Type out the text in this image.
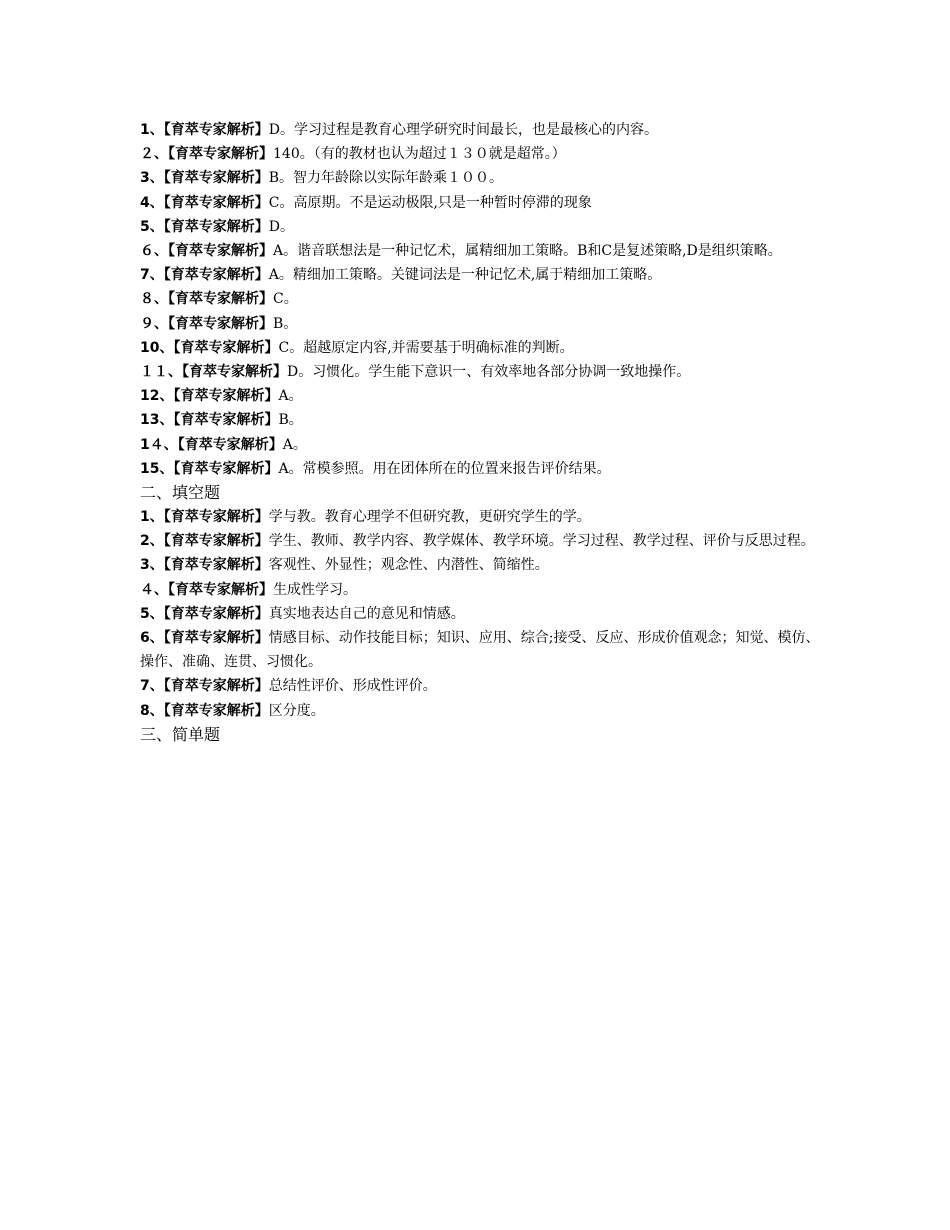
1、【育萃专家解析】D。学习过程是教育心理学研究时间最长，也是最核心的内容。
２、【育萃专家解析】140。（有的教材也认为超过１３０就是超常。）
3、【育萃专家解析】B。智力年龄除以实际年龄乘１００。
4、【育萃专家解析】C。高原期。不是运动极限,只是一种暂时停滞的现象
5、【育萃专家解析】D。
６、【育萃专家解析】A。谐音联想法是一种记忆术，属精细加工策略。B和C是复述策略,D是组织策略。
7、【育萃专家解析】A。精细加工策略。关键词法是一种记忆术,属于精细加工策略。
８、【育萃专家解析】C。
９、【育萃专家解析】B。
10、【育萃专家解析】C。超越原定内容,并需要基于明确标准的判断。
１１、【育萃专家解析】D。习惯化。学生能下意识一、有效率地各部分协调一致地操作。
12、【育萃专家解析】A。
13、【育萃专家解析】B。
1４、【育萃专家解析】A。
15、【育萃专家解析】A。常模参照。用在团体所在的位置来报告评价结果。
二、填空题
1、【育萃专家解析】学与教。教育心理学不但研究教，更研究学生的学。
2、【育萃专家解析】学生、教师、教学内容、教学媒体、教学环境。学习过程、教学过程、评价与反思过程。
3、【育萃专家解析】客观性、外显性；观念性、内潜性、简缩性。
４、【育萃专家解析】生成性学习。
5、【育萃专家解析】真实地表达自己的意见和情感。
6、【育萃专家解析】情感目标、动作技能目标；知识、应用、综合;接受、反应、形成价值观念；知觉、模仿、操作、准确、连贯、习惯化。
7、【育萃专家解析】总结性评价、形成性评价。
8、【育萃专家解析】区分度。
三、简单题
